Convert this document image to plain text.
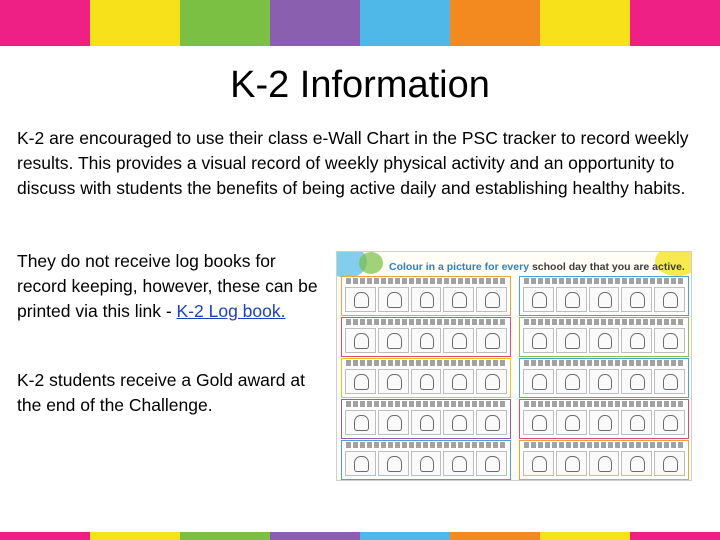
K-2 Information

K-2 are encouraged to use their class e-Wall Chart in the PSC tracker to record weekly results. This provides a visual record of weekly physical activity and an opportunity to discuss with students the benefits of being active daily and establishing healthy habits.

They do not receive log books for record keeping, however, these can be printed via this link - K-2 Log book.

K-2 students receive a Gold award at the end of the Challenge.

Colour in a picture for every school day that you are active.
